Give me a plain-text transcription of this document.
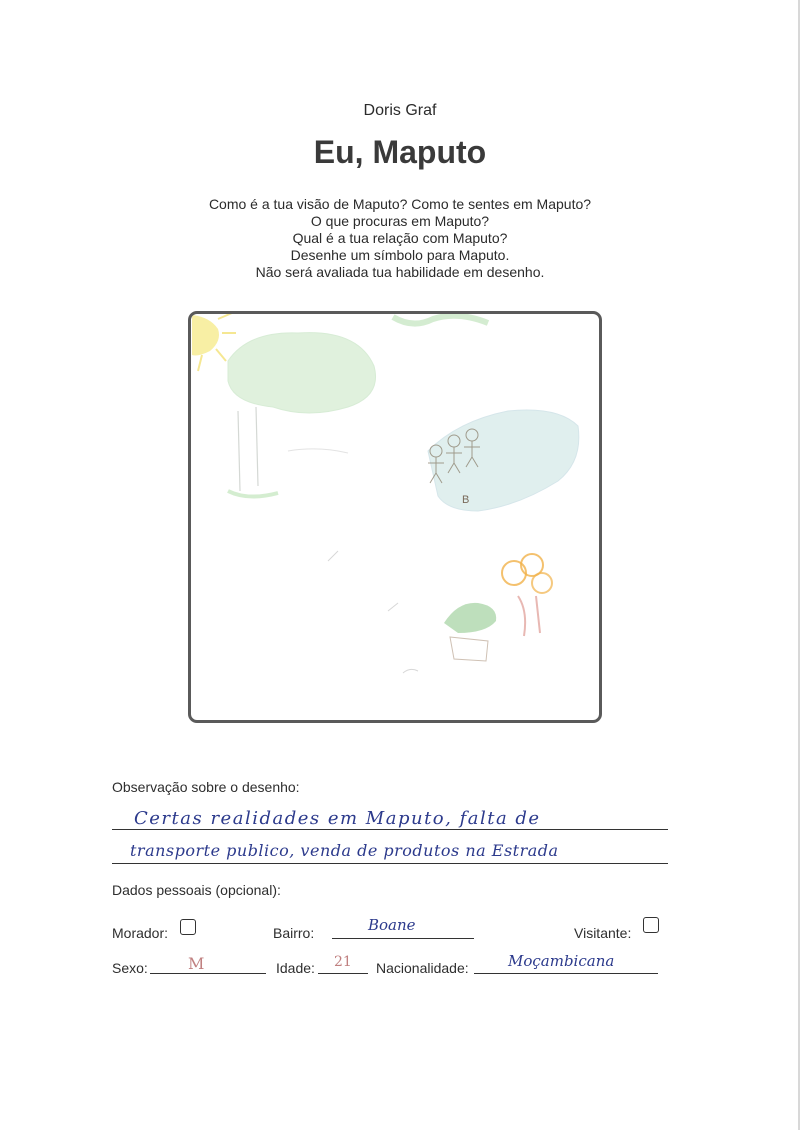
Doris Graf
Eu, Maputo
Como é a tua visão de Maputo? Como te sentes em Maputo?
O que procuras em Maputo?
Qual é a tua relação com Maputo?
Desenhe um símbolo para Maputo.
Não será avaliada tua habilidade em desenho.
B
Observação sobre o desenho:
Certas realidades em Maputo, falta de
transporte publico, venda de produtos na Estrada
Dados pessoais (opcional):
Morador:	Bairro:	Boane	Visitante:
Sexo:	M	Idade: 21 Nacionalidade:	Moçambicana
